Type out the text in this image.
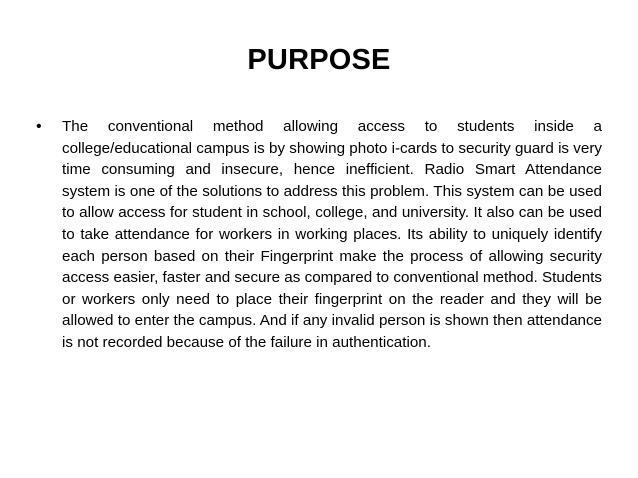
PURPOSE
• The conventional method allowing access to students inside a college/educational campus is by showing photo i-cards to security guard is very time consuming and insecure, hence inefficient. Radio Smart Attendance system is one of the solutions to address this problem. This system can be used to allow access for student in school, college, and university. It also can be used to take attendance for workers in working places. Its ability to uniquely identify each person based on their Fingerprint make the process of allowing security access easier, faster and secure as compared to conventional method. Students or workers only need to place their fingerprint on the reader and they will be allowed to enter the campus. And if any invalid person is shown then attendance is not recorded because of the failure in authentication.
